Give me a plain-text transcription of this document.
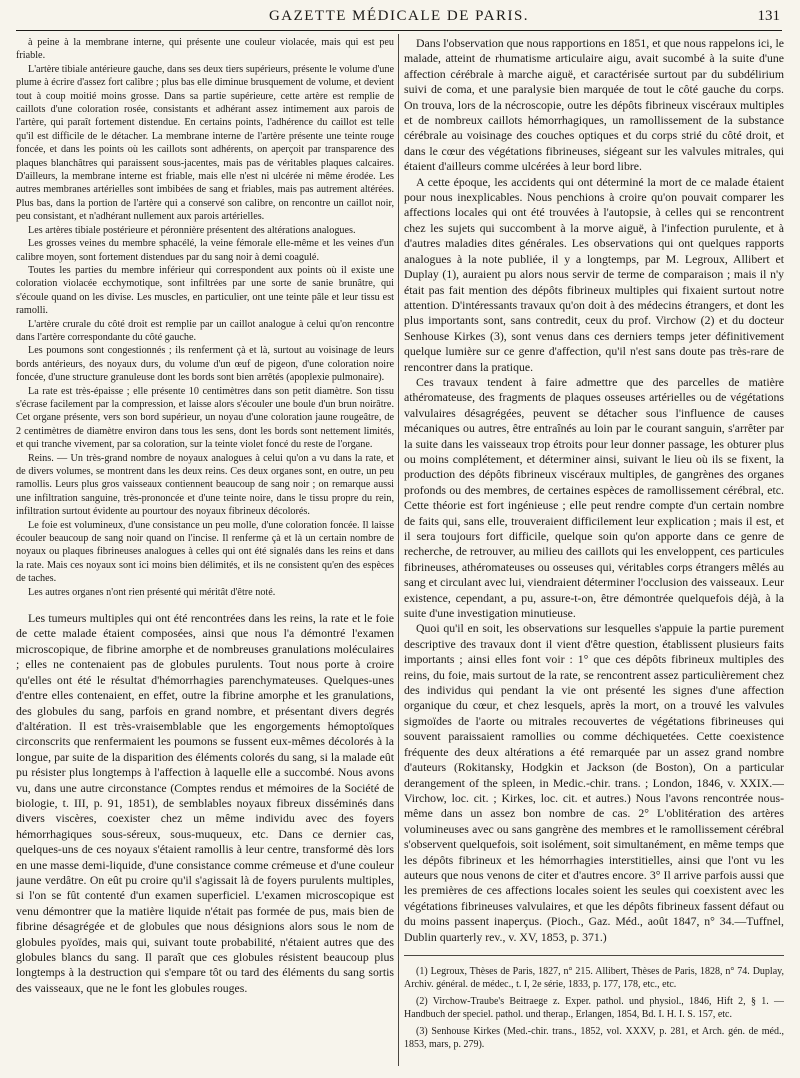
GAZETTE MÉDICALE DE PARIS.	131

à peine à la membrane interne, qui présente une couleur violacée, mais qui est peu friable.

L'artère tibiale antérieure gauche, dans ses deux tiers supérieurs, présente le volume d'une plume à écrire d'assez fort calibre ; plus bas elle diminue brusquement de volume, et devient tout à coup moitié moins grosse. Dans sa partie supérieure, cette artère est remplie de caillots d'une coloration rosée, consistants et adhérant assez intimement aux parois de l'artère, qui paraît fortement distendue. En certains points, l'adhérence du caillot est telle qu'il est difficile de le détacher. La membrane interne de l'artère présente une teinte rouge foncée, et dans les points où les caillots sont adhérents, on aperçoit par transparence des plaques blanchâtres qui paraissent sous-jacentes, mais pas de véritables plaques calcaires. D'ailleurs, la membrane interne est friable, mais elle n'est ni ulcérée ni même érodée. Les autres membranes artérielles sont imbibées de sang et friables, mais pas autrement altérées. Plus bas, dans la portion de l'artère qui a conservé son calibre, on rencontre un caillot noir, peu consistant, et n'adhérant nullement aux parois artérielles.

Les artères tibiale postérieure et péronnière présentent des altérations analogues.

Les grosses veines du membre sphacélé, la veine fémorale elle-même et les veines d'un calibre moyen, sont fortement distendues par du sang noir à demi coagulé.

Toutes les parties du membre inférieur qui correspondent aux points où il existe une coloration violacée ecchymotique, sont infiltrées par une sorte de sanie brunâtre, qui s'écoule quand on les divise. Les muscles, en particulier, ont une teinte pâle et leur tissu est ramolli.

L'artère crurale du côté droit est remplie par un caillot analogue à celui qu'on rencontre dans l'artère correspondante du côté gauche.

Les poumons sont congestionnés ; ils renferment çà et là, surtout au voisinage de leurs bords antérieurs, des noyaux durs, du volume d'un œuf de pigeon, d'une coloration noire foncée, d'une structure granuleuse dont les bords sont bien arrêtés (apoplexie pulmonaire).

La rate est très-épaisse ; elle présente 10 centimètres dans son petit diamètre. Son tissu s'écrase facilement par la compression, et laisse alors s'écouler une boule d'un brun noirâtre. Cet organe présente, vers son bord supérieur, un noyau d'une coloration jaune rougeâtre, de 2 centimètres de diamètre environ dans tous les sens, dont les bords sont nettement limités, et qui tranche vivement, par sa coloration, sur la teinte violet foncé du reste de l'organe.

Reins. — Un très-grand nombre de noyaux analogues à celui qu'on a vu dans la rate, et de divers volumes, se montrent dans les deux reins. Ces deux organes sont, en outre, un peu ramollis. Leurs plus gros vaisseaux contiennent beaucoup de sang noir ; on remarque aussi une infiltration sanguine, très-prononcée et d'une teinte noire, dans le tissu propre du rein, infiltration surtout évidente au pourtour des noyaux fibrineux décolorés.

Le foie est volumineux, d'une consistance un peu molle, d'une coloration foncée. Il laisse écouler beaucoup de sang noir quand on l'incise. Il renferme çà et là un certain nombre de noyaux ou plaques fibrineuses analogues à celles qui ont été signalés dans les reins et dans la rate. Mais ces noyaux sont ici moins bien délimités, et ils ne consistent qu'en des espèces de taches.

Les autres organes n'ont rien présenté qui méritât d'être noté.

Les tumeurs multiples qui ont été rencontrées dans les reins, la rate et le foie de cette malade étaient composées, ainsi que nous l'a démontré l'examen microscopique, de fibrine amorphe et de nombreuses granulations moléculaires ; elles ne contenaient pas de globules purulents. Tout nous porte à croire qu'elles ont été le résultat d'hémorrhagies parenchymateuses. Quelques-unes d'entre elles contenaient, en effet, outre la fibrine amorphe et les granulations, des globules du sang, parfois en grand nombre, et présentant divers degrés d'altération. Il est très-vraisemblable que les engorgements hémoptoïques circonscrits que renfermaient les poumons se fussent eux-mêmes décolorés à la longue, par suite de la disparition des éléments colorés du sang, si la malade eût pu résister plus longtemps à l'affection à laquelle elle a succombé. Nous avons vu, dans une autre circonstance (Comptes rendus et mémoires de la Société de biologie, t. III, p. 91, 1851), de semblables noyaux fibreux disséminés dans divers viscères, coexister chez un même individu avec des foyers hémorrhagiques sous-séreux, sous-muqueux, etc. Dans ce dernier cas, quelques-uns de ces noyaux s'étaient ramollis à leur centre, transformé dès lors en une masse demi-liquide, d'une consistance comme crémeuse et d'une couleur jaune verdâtre. On eût pu croire qu'il s'agissait là de foyers purulents multiples, si l'on se fût contenté d'un examen superficiel. L'examen microscopique est venu démontrer que la matière liquide n'était pas formée de pus, mais bien de fibrine désagrégée et de globules que nous désignions alors sous le nom de globules pyoïdes, mais qui, suivant toute probabilité, n'étaient autres que des globules blancs du sang. Il paraît que ces globules résistent beaucoup plus longtemps à la destruction qui s'empare tôt ou tard des éléments du sang sortis des vaisseaux, que ne le font les globules rouges.

Dans l'observation que nous rapportions en 1851, et que nous rappelons ici, le malade, atteint de rhumatisme articulaire aigu, avait sucombé à la suite d'une affection cérébrale à marche aiguë, et caractérisée surtout par du subdélirium suivi de coma, et une paralysie bien marquée de tout le côté gauche du corps. On trouva, lors de la nécroscopie, outre les dépôts fibrineux viscéraux multiples et de nombreux caillots hémorrhagiques, un ramollissement de la substance cérébrale au voisinage des couches optiques et du corps strié du côté droit, et dans le cœur des végétations fibrineuses, siégeant sur les valvules mitrales, qui étaient d'ailleurs comme ulcérées à leur bord libre.

A cette époque, les accidents qui ont déterminé la mort de ce malade étaient pour nous inexplicables. Nous penchions à croire qu'on pouvait comparer les affections locales qui ont été trouvées à l'autopsie, à celles qui se rencontrent chez les sujets qui succombent à la morve aiguë, à l'infection purulente, et à d'autres maladies dites générales. Les observations qui ont quelques rapports analogues à la note publiée, il y a longtemps, par M. Legroux, Allibert et Duplay (1), auraient pu alors nous servir de terme de comparaison ; mais il n'y était pas fait mention des dépôts fibrineux multiples qui fixaient surtout notre attention. D'intéressants travaux qu'on doit à des médecins étrangers, et dont les plus importants sont, sans contredit, ceux du prof. Virchow (2) et du docteur Senhouse Kirkes (3), sont venus dans ces derniers temps jeter définitivement quelque lumière sur ce genre d'affection, qu'il n'est sans doute pas très-rare de rencontrer dans la pratique.

Ces travaux tendent à faire admettre que des parcelles de matière athéromateuse, des fragments de plaques osseuses artérielles ou de végétations valvulaires désagrégées, peuvent se détacher sous l'influence de causes mécaniques ou autres, être entraînés au loin par le courant sanguin, s'arrêter par la suite dans les vaisseaux trop étroits pour leur donner passage, les obturer plus ou moins complétement, et déterminer ainsi, suivant le lieu où ils se fixent, la production des dépôts fibrineux viscéraux multiples, de gangrènes des organes profonds ou des membres, de certaines espèces de ramollissement cérébral, etc. Cette théorie est fort ingénieuse ; elle peut rendre compte d'un certain nombre de faits qui, sans elle, trouveraient difficilement leur explication ; mais il est, et il sera toujours fort difficile, quelque soin qu'on apporte dans ce genre de recherche, de retrouver, au milieu des caillots qui les enveloppent, ces particules fibrineuses, athéromateuses ou osseuses qui, véritables corps étrangers mêlés au sang et circulant avec lui, viendraient déterminer l'occlusion des vaisseaux. Leur existence, cependant, a pu, assure-t-on, être démontrée quelquefois déjà, à la suite d'une investigation minutieuse.

Quoi qu'il en soit, les observations sur lesquelles s'appuie la partie purement descriptive des travaux dont il vient d'être question, établissent plusieurs faits importants ; ainsi elles font voir : 1° que ces dépôts fibrineux multiples des reins, du foie, mais surtout de la rate, se rencontrent assez particulièrement chez des individus qui pendant la vie ont présenté les signes d'une affection organique du cœur, et chez lesquels, après la mort, on a trouvé les valvules sigmoïdes de l'aorte ou mitrales recouvertes de végétations fibrineuses qui souvent paraissaient ramollies ou comme déchiquetées. Cette coexistence fréquente des deux altérations a été remarquée par un assez grand nombre d'auteurs (Rokitansky, Hodgkin et Jackson (de Boston), On a particular derangement of the spleen, in Medic.-chir. trans. ; London, 1846, v. XXIX.—Virchow, loc. cit. ; Kirkes, loc. cit. et autres.) Nous l'avons rencontrée nous-même dans un assez bon nombre de cas. 2° L'oblitération des artères volumineuses avec ou sans gangrène des membres et le ramollissement cérébral s'observent quelquefois, soit isolément, soit simultanément, en même temps que les dépôts fibrineux et les hémorrhagies interstitielles, ainsi que l'ont vu les auteurs que nous venons de citer et d'autres encore. 3° Il arrive parfois aussi que les premières de ces affections locales soient les seules qui coexistent avec les végétations fibrineuses valvulaires, et que les dépôts fibrineux fassent défaut ou du moins passent inaperçus. (Pioch., Gaz. Méd., août 1847, n° 34.—Tuffnel, Dublin quarterly rev., v. XV, 1853, p. 371.)

(1) Legroux, Thèses de Paris, 1827, n° 215. Allibert, Thèses de Paris, 1828, n° 74. Duplay, Archiv. général. de médec., t. I, 2e série, 1833, p. 177, 178, etc., etc.

(2) Virchow-Traube's Beitraege z. Exper. pathol. und physiol., 1846, Hift 2, § 1. — Handbuch der speciel. pathol. und therap., Erlangen, 1854, Bd. I. H. I. S. 157, etc.

(3) Senhouse Kirkes (Med.-chir. trans., 1852, vol. XXXV, p. 281, et Arch. gén. de méd., 1853, mars, p. 279).
